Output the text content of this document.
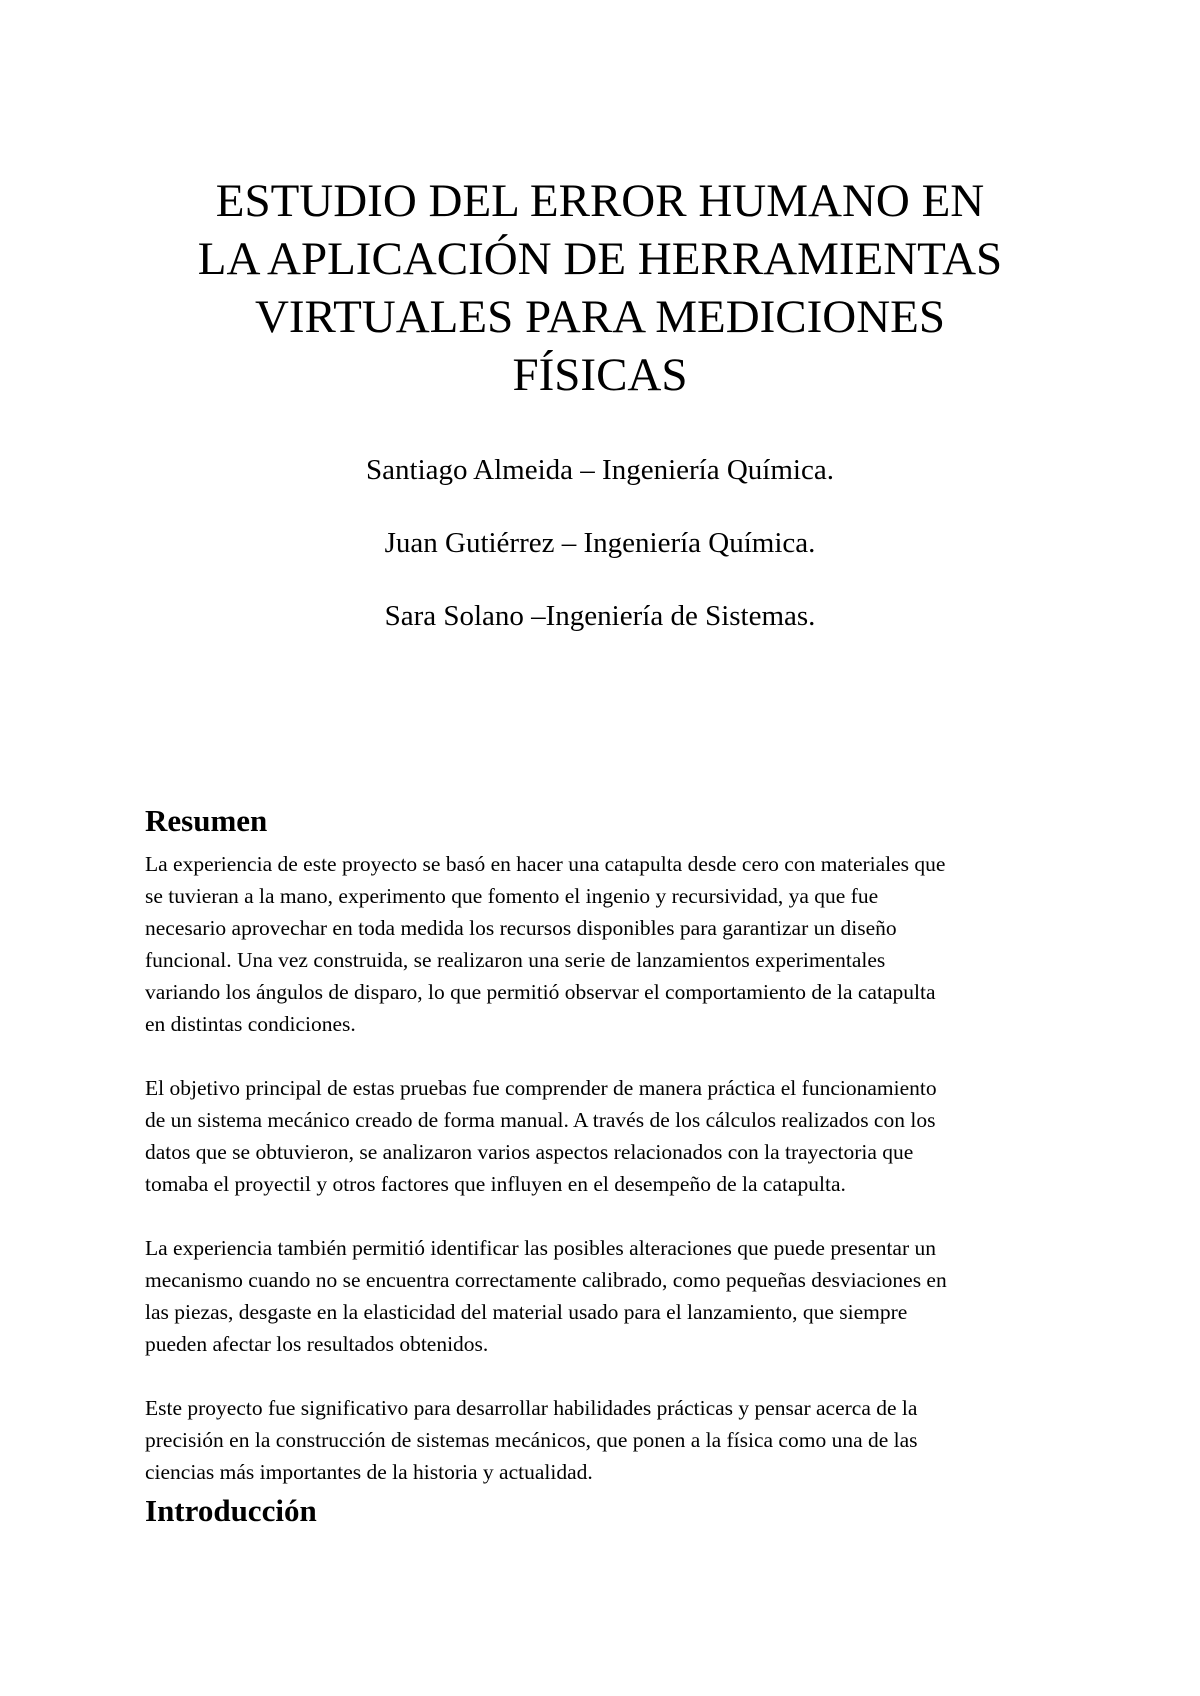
ESTUDIO DEL ERROR HUMANO EN
LA APLICACIÓN DE HERRAMIENTAS
VIRTUALES PARA MEDICIONES
FÍSICAS
Santiago Almeida – Ingeniería Química.
Juan Gutiérrez – Ingeniería Química.
Sara Solano –Ingeniería de Sistemas.
Resumen

La experiencia de este proyecto se basó en hacer una catapulta desde cero con materiales que
se tuvieran a la mano, experimento que fomento el ingenio y recursividad, ya que fue
necesario aprovechar en toda medida los recursos disponibles para garantizar un diseño
funcional. Una vez construida, se realizaron una serie de lanzamientos experimentales
variando los ángulos de disparo, lo que permitió observar el comportamiento de la catapulta
en distintas condiciones.

El objetivo principal de estas pruebas fue comprender de manera práctica el funcionamiento
de un sistema mecánico creado de forma manual. A través de los cálculos realizados con los
datos que se obtuvieron, se analizaron varios aspectos relacionados con la trayectoria que
tomaba el proyectil y otros factores que influyen en el desempeño de la catapulta.

La experiencia también permitió identificar las posibles alteraciones que puede presentar un
mecanismo cuando no se encuentra correctamente calibrado, como pequeñas desviaciones en
las piezas, desgaste en la elasticidad del material usado para el lanzamiento, que siempre
pueden afectar los resultados obtenidos.

Este proyecto fue significativo para desarrollar habilidades prácticas y pensar acerca de la
precisión en la construcción de sistemas mecánicos, que ponen a la física como una de las
ciencias más importantes de la historia y actualidad.

Introducción
